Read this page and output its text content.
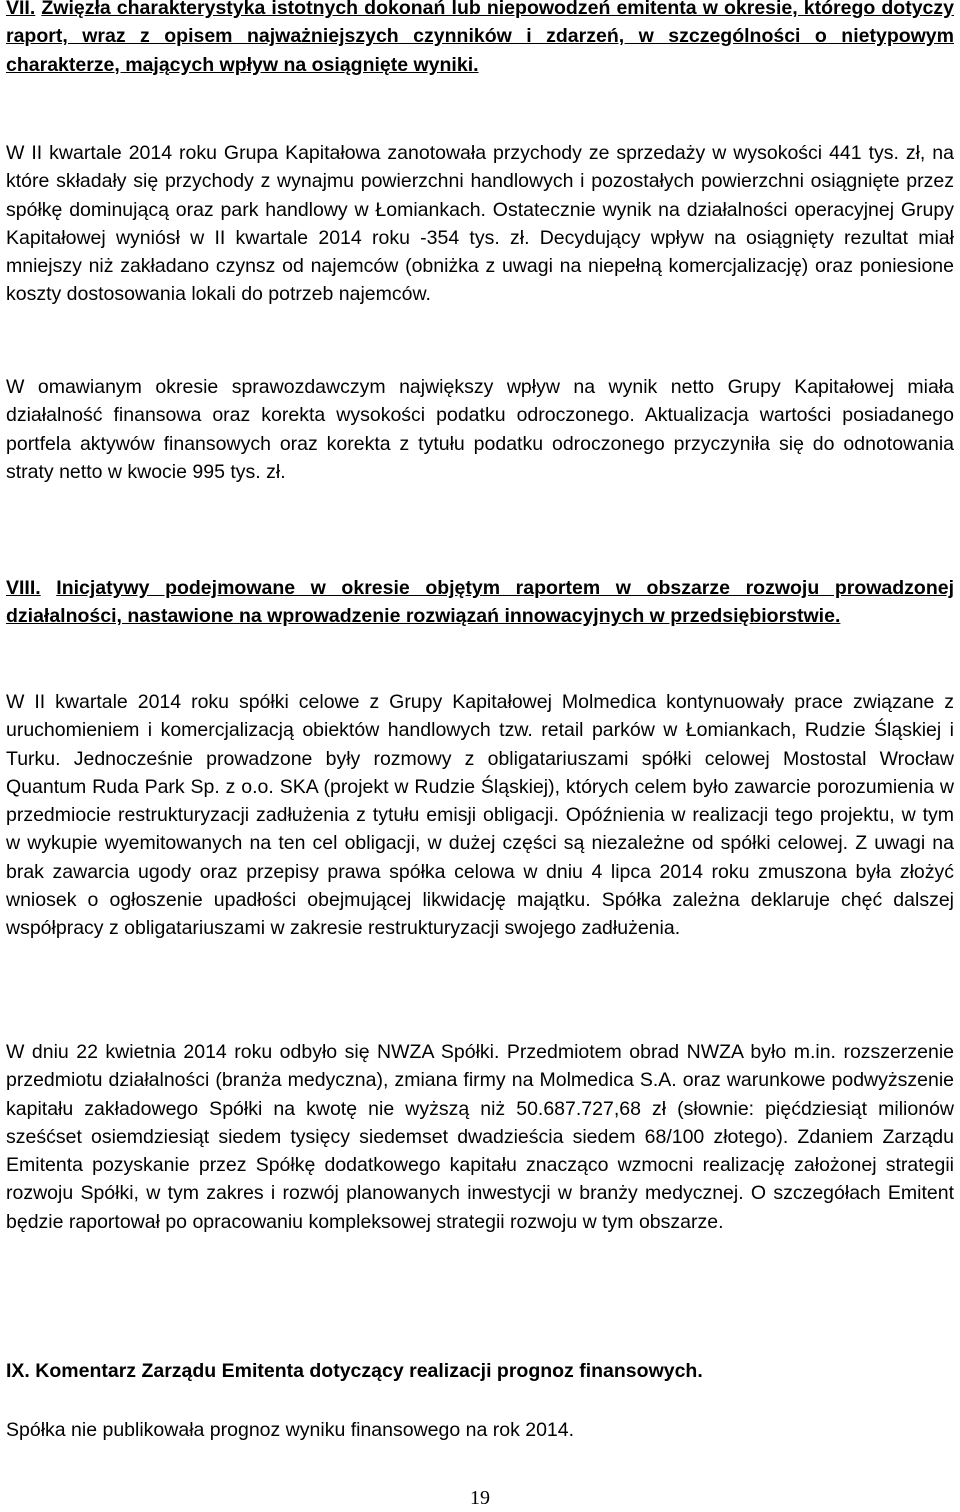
VII. Zwięzła charakterystyka istotnych dokonań lub niepowodzeń emitenta w okresie, którego dotyczy raport, wraz z opisem najważniejszych czynników i zdarzeń, w szczególności o nietypowym charakterze, mających wpływ na osiągnięte wyniki.

W II kwartale 2014 roku Grupa Kapitałowa zanotowała przychody ze sprzedaży w wysokości 441 tys. zł, na które składały się przychody z wynajmu powierzchni handlowych i pozostałych powierzchni osiągnięte przez spółkę dominującą oraz park handlowy w Łomiankach. Ostatecznie wynik na działalności operacyjnej Grupy Kapitałowej wyniósł w II kwartale 2014 roku -354 tys. zł. Decydujący wpływ na osiągnięty rezultat miał mniejszy niż zakładano czynsz od najemców (obniżka z uwagi na niepełną komercjalizację) oraz poniesione koszty dostosowania lokali do potrzeb najemców.

W omawianym okresie sprawozdawczym największy wpływ na wynik netto Grupy Kapitałowej miała działalność finansowa oraz korekta wysokości podatku odroczonego. Aktualizacja wartości posiadanego portfela aktywów finansowych oraz korekta z tytułu podatku odroczonego przyczyniła się do odnotowania straty netto w kwocie 995 tys. zł.

VIII. Inicjatywy podejmowane w okresie objętym raportem w obszarze rozwoju prowadzonej działalności, nastawione na wprowadzenie rozwiązań innowacyjnych w przedsiębiorstwie.

W II kwartale 2014 roku spółki celowe z Grupy Kapitałowej Molmedica kontynuowały prace związane z uruchomieniem i komercjalizacją obiektów handlowych tzw. retail parków w Łomiankach, Rudzie Śląskiej i Turku. Jednocześnie prowadzone były rozmowy z obligatariuszami spółki celowej Mostostal Wrocław Quantum Ruda Park Sp. z o.o. SKA (projekt w Rudzie Śląskiej), których celem było zawarcie porozumienia w przedmiocie restrukturyzacji zadłużenia z tytułu emisji obligacji. Opóźnienia w realizacji tego projektu, w tym w wykupie wyemitowanych na ten cel obligacji, w dużej części są niezależne od spółki celowej. Z uwagi na brak zawarcia ugody oraz przepisy prawa spółka celowa w dniu 4 lipca 2014 roku zmuszona była złożyć wniosek o ogłoszenie upadłości obejmującej likwidację majątku. Spółka zależna deklaruje chęć dalszej współpracy z obligatariuszami w zakresie restrukturyzacji swojego zadłużenia.

W dniu 22 kwietnia 2014 roku odbyło się NWZA Spółki. Przedmiotem obrad NWZA było m.in. rozszerzenie przedmiotu działalności (branża medyczna), zmiana firmy na Molmedica S.A. oraz warunkowe podwyższenie kapitału zakładowego Spółki na kwotę nie wyższą niż 50.687.727,68 zł (słownie: pięćdziesiąt milionów sześćset osiemdziesiąt siedem tysięcy siedemset dwadzieścia siedem 68/100 złotego). Zdaniem Zarządu Emitenta pozyskanie przez Spółkę dodatkowego kapitału znacząco wzmocni realizację założonej strategii rozwoju Spółki, w tym zakres i rozwój planowanych inwestycji w branży medycznej. O szczegółach Emitent będzie raportował po opracowaniu kompleksowej strategii rozwoju w tym obszarze.

IX. Komentarz Zarządu Emitenta dotyczący realizacji prognoz finansowych.

Spółka nie publikowała prognoz wyniku finansowego na rok 2014.

19
